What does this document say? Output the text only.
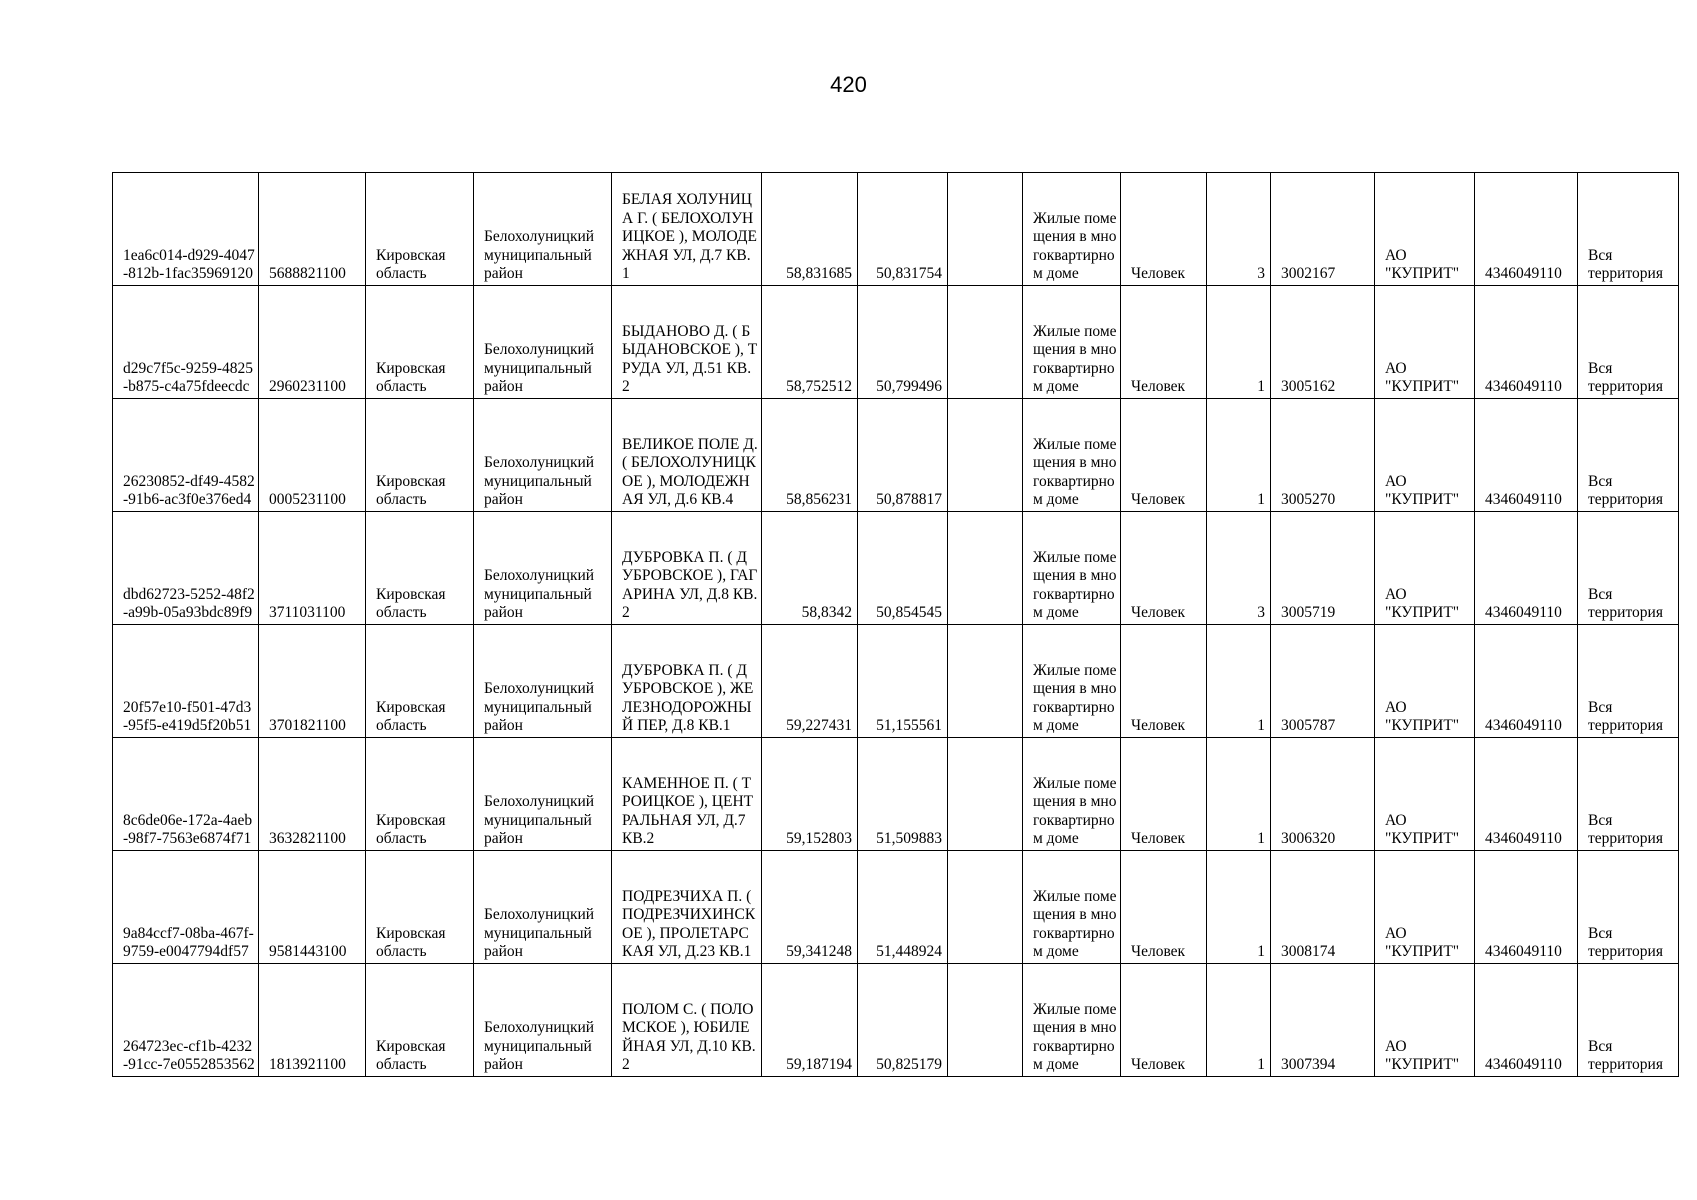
420
1ea6c014-d929-4047-812b-1fac35969120	5688821100	Кировская область	Белохолуницкий муниципальный район	БЕЛАЯ ХОЛУНИЦА Г. ( БЕЛОХОЛУНИЦКОЕ ), МОЛОДЕЖНАЯ УЛ, Д.7 КВ.1	58,831685	50,831754		Жилые помещения в многоквартирном доме	Человек	3	3002167	АО "КУПРИТ"	4346049110	Вся территория
d29c7f5c-9259-4825-b875-c4a75fdeecdc	2960231100	Кировская область	Белохолуницкий муниципальный район	БЫДАНОВО Д. ( БЫДАНОВСКОЕ ), ТРУДА УЛ, Д.51 КВ.2	58,752512	50,799496		Жилые помещения в многоквартирном доме	Человек	1	3005162	АО "КУПРИТ"	4346049110	Вся территория
26230852-df49-4582-91b6-ac3f0e376ed4	0005231100	Кировская область	Белохолуницкий муниципальный район	ВЕЛИКОЕ ПОЛЕ Д. ( БЕЛОХОЛУНИЦКОЕ ), МОЛОДЕЖНАЯ УЛ, Д.6 КВ.4	58,856231	50,878817		Жилые помещения в многоквартирном доме	Человек	1	3005270	АО "КУПРИТ"	4346049110	Вся территория
dbd62723-5252-48f2-a99b-05a93bdc89f9	3711031100	Кировская область	Белохолуницкий муниципальный район	ДУБРОВКА П. ( ДУБРОВСКОЕ ), ГАГАРИНА УЛ, Д.8 КВ.2	58,8342	50,854545		Жилые помещения в многоквартирном доме	Человек	3	3005719	АО "КУПРИТ"	4346049110	Вся территория
20f57e10-f501-47d3-95f5-e419d5f20b51	3701821100	Кировская область	Белохолуницкий муниципальный район	ДУБРОВКА П. ( ДУБРОВСКОЕ ), ЖЕЛЕЗНОДОРОЖНЫЙ ПЕР, Д.8 КВ.1	59,227431	51,155561		Жилые помещения в многоквартирном доме	Человек	1	3005787	АО "КУПРИТ"	4346049110	Вся территория
8c6de06e-172a-4aeb-98f7-7563e6874f71	3632821100	Кировская область	Белохолуницкий муниципальный район	КАМЕННОЕ П. ( ТРОИЦКОЕ ), ЦЕНТРАЛЬНАЯ УЛ, Д.7 КВ.2	59,152803	51,509883		Жилые помещения в многоквартирном доме	Человек	1	3006320	АО "КУПРИТ"	4346049110	Вся территория
9a84ccf7-08ba-467f-9759-e0047794df57	9581443100	Кировская область	Белохолуницкий муниципальный район	ПОДРЕЗЧИХА П. ( ПОДРЕЗЧИХИНСКОЕ ), ПРОЛЕТАРСКАЯ УЛ, Д.23 КВ.1	59,341248	51,448924		Жилые помещения в многоквартирном доме	Человек	1	3008174	АО "КУПРИТ"	4346049110	Вся территория
264723ec-cf1b-4232-91cc-7e0552853562	1813921100	Кировская область	Белохолуницкий муниципальный район	ПОЛОМ С. ( ПОЛОМСКОЕ ), ЮБИЛЕЙНАЯ УЛ, Д.10 КВ.2	59,187194	50,825179		Жилые помещения в многоквартирном доме	Человек	1	3007394	АО "КУПРИТ"	4346049110	Вся территория
